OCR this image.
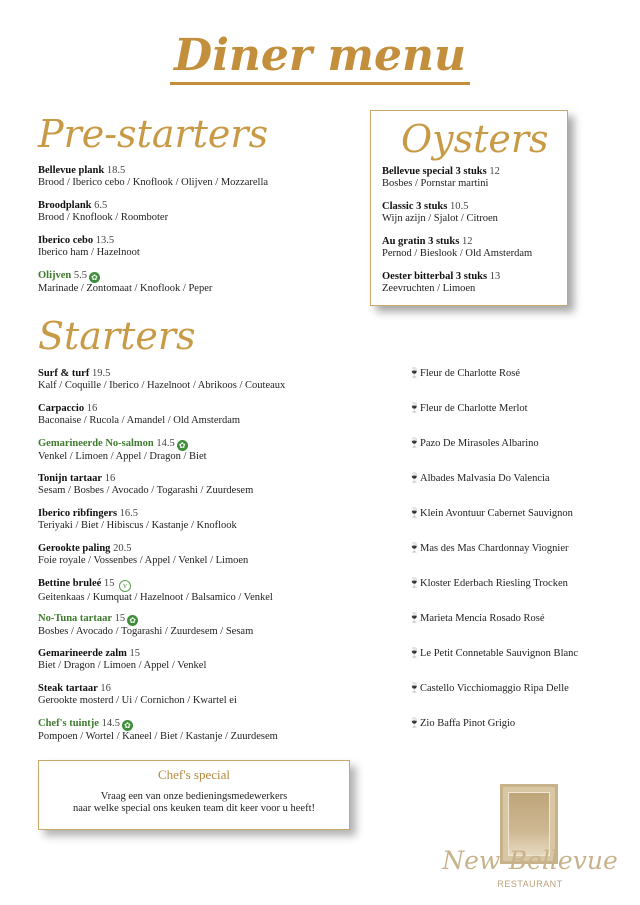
Diner menu
Pre-starters
Bellevue plank 18.5
Brood / Iberico cebo / Knoflook / Olijven / Mozzarella
Broodplank 6.5
Brood / Knoflook / Roomboter
Iberico cebo 13.5
Iberico ham / Hazelnoot
Olijven 5.5 ✿
Marinade / Zontomaat / Knoflook / Peper
Oysters
Bellevue special 3 stuks 12
Bosbes / Pornstar martini
Classic 3 stuks 10.5
Wijn azijn / Sjalot / Citroen
Au gratin 3 stuks 12
Pernod / Bieslook / Old Amsterdam
Oester bitterbal 3 stuks 13
Zeevruchten / Limoen
Starters
Surf & turf 19.5
Kalf / Coquille / Iberico / Hazelnoot / Abrikoos / Couteaux
Carpaccio 16
Baconaise / Rucola / Amandel / Old Amsterdam
Gemarineerde No-salmon 14.5 ✿
Venkel / Limoen / Appel / Dragon / Biet
Tonijn tartaar 16
Sesam / Bosbes / Avocado / Togarashi / Zuurdesem
Iberico ribfingers 16.5
Teriyaki / Biet / Hibiscus / Kastanje / Knoflook
Gerookte paling 20.5
Foie royale / Vossenbes / Appel / Venkel / Limoen
Bettine bruleé 15 v
Geitenkaas / Kumquat / Hazelnoot / Balsamico / Venkel
No-Tuna tartaar 15 ✿
Bosbes / Avocado / Togarashi / Zuurdesem / Sesam
Gemarineerde zalm 15
Biet / Dragon / Limoen / Appel / Venkel
Steak tartaar 16
Gerookte mosterd / Ui / Cornichon / Kwartel ei
Chef's tuintje 14.5 ✿
Pompoen / Wortel / Kaneel / Biet / Kastanje / Zuurdesem
🍷Fleur de Charlotte Rosé
🍷Fleur de Charlotte Merlot
🍷Pazo De Mirasoles Albarino
🍷Albades Malvasia Do Valencia
🍷Klein Avontuur Cabernet Sauvignon
🍷Mas des Mas Chardonnay Viognier
🍷Kloster Ederbach Riesling Trocken
🍷Marieta Mencia Rosado Rosé
🍷Le Petit Connetable Sauvignon Blanc
🍷Castello Vicchiomaggio Ripa Delle
🍷Zio Baffa Pinot Grigio
Chef's special
Vraag een van onze bedieningsmedewerkers
naar welke special ons keuken team dit keer voor u heeft!
New-Bellevue
RESTAURANT
